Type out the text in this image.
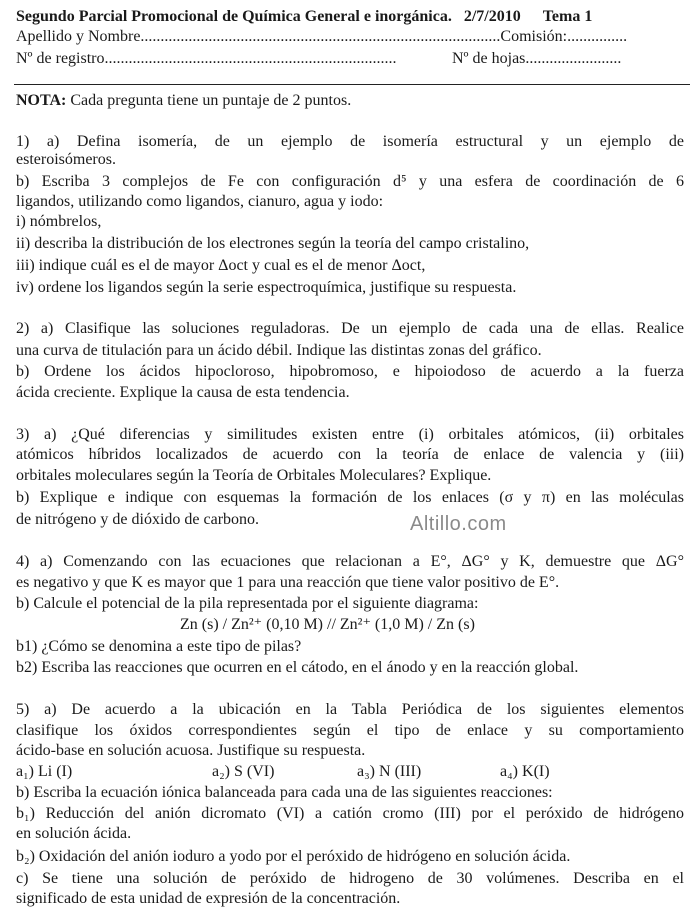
Segundo Parcial Promocional de Química General e inorgánica. 2/7/2010 Tema 1
Apellido y Nombre..........................................................................................Comisión:...............
Nº de registro.........................................................................	Nº de hojas........................
NOTA: Cada pregunta tiene un puntaje de 2 puntos.
1) a) Defina isomería, de un ejemplo de isomería estructural y un ejemplo de
esteroisómeros.
b) Escriba 3 complejos de Fe con configuración d⁵ y una esfera de coordinación de 6
ligandos, utilizando como ligandos, cianuro, agua y iodo:
i) nómbrelos,
ii) describa la distribución de los electrones según la teoría del campo cristalino,
iii) indique cuál es el de mayor Δoct y cual es el de menor Δoct,
iv) ordene los ligandos según la serie espectroquímica, justifique su respuesta.
2) a) Clasifique las soluciones reguladoras. De un ejemplo de cada una de ellas. Realice
una curva de titulación para un ácido débil. Indique las distintas zonas del gráfico.
b) Ordene los ácidos hipocloroso, hipobromoso, e hipoiodoso de acuerdo a la fuerza
ácida creciente. Explique la causa de esta tendencia.
3) a) ¿Qué diferencias y similitudes existen entre (i) orbitales atómicos, (ii) orbitales
atómicos híbridos localizados de acuerdo con la teoría de enlace de valencia y (iii)
orbitales moleculares según la Teoría de Orbitales Moleculares? Explique.
b) Explique e indique con esquemas la formación de los enlaces (σ y π) en las moléculas
de nitrógeno y de dióxido de carbono.	Altillo.com
4) a) Comenzando con las ecuaciones que relacionan a E°, ΔG° y K, demuestre que ΔG°
es negativo y que K es mayor que 1 para una reacción que tiene valor positivo de E°.
b) Calcule el potencial de la pila representada por el siguiente diagrama:
Zn (s) / Zn²⁺ (0,10 M) // Zn²⁺ (1,0 M) / Zn (s)
b1) ¿Cómo se denomina a este tipo de pilas?
b2) Escriba las reacciones que ocurren en el cátodo, en el ánodo y en la reacción global.
5) a) De acuerdo a la ubicación en la Tabla Periódica de los siguientes elementos
clasifique los óxidos correspondientes según el tipo de enlace y su comportamiento
ácido-base en solución acuosa. Justifique su respuesta.
a₁) Li (I)	a₂) S (VI)	a₃) N (III)	a₄) K(I)
b) Escriba la ecuación iónica balanceada para cada una de las siguientes reacciones:
b₁) Reducción del anión dicromato (VI) a catión cromo (III) por el peróxido de hidrógeno
en solución ácida.
b₂) Oxidación del anión ioduro a yodo por el peróxido de hidrógeno en solución ácida.
c) Se tiene una solución de peróxido de hidrogeno de 30 volúmenes. Describa en el
significado de esta unidad de expresión de la concentración.
